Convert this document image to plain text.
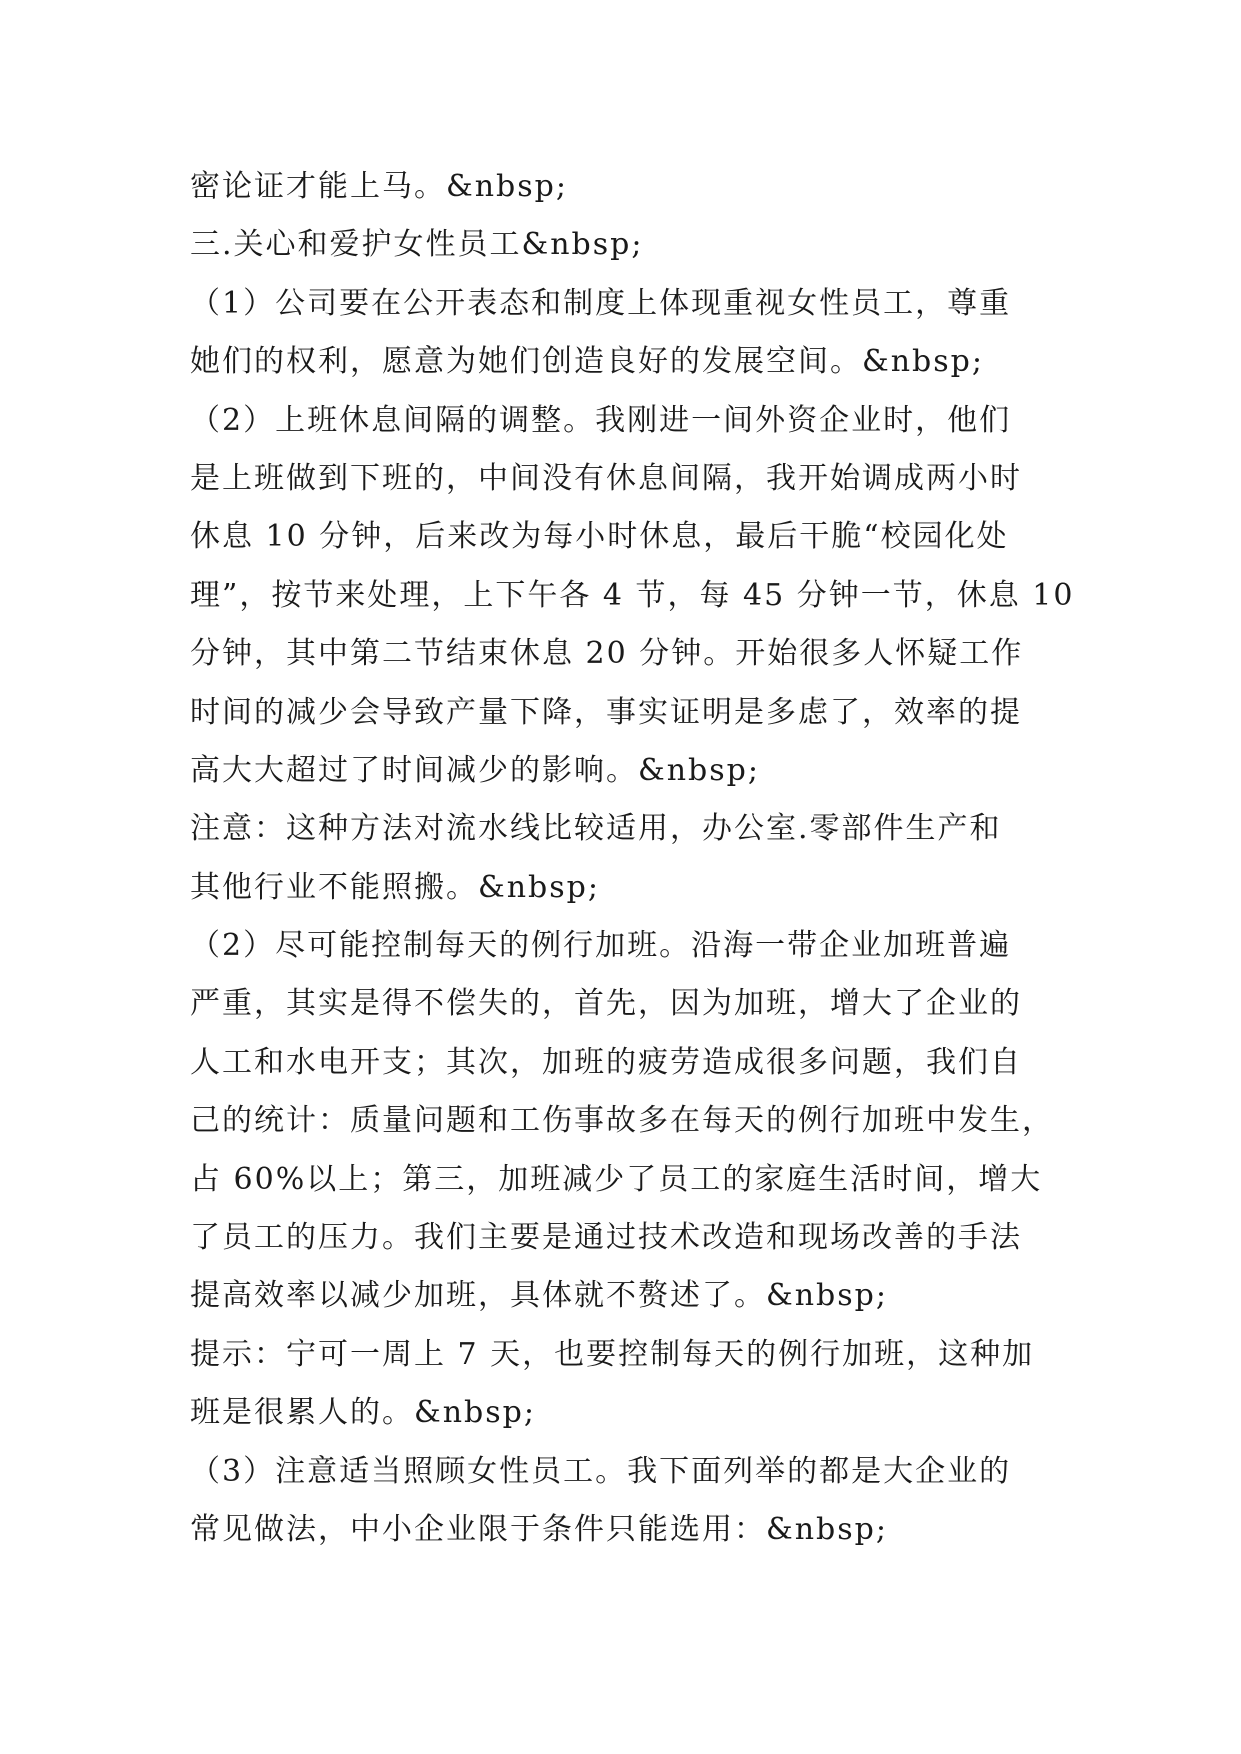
密论证才能上马。&nbsp;
三.关心和爱护女性员工&nbsp;
（1）公司要在公开表态和制度上体现重视女性员工，尊重
她们的权利，愿意为她们创造良好的发展空间。&nbsp;
（2）上班休息间隔的调整。我刚进一间外资企业时，他们
是上班做到下班的，中间没有休息间隔，我开始调成两小时
休息 10 分钟，后来改为每小时休息，最后干脆“校园化处
理”，按节来处理，上下午各 4 节，每 45 分钟一节，休息 10
分钟，其中第二节结束休息 20 分钟。开始很多人怀疑工作
时间的减少会导致产量下降，事实证明是多虑了，效率的提
高大大超过了时间减少的影响。&nbsp;
注意：这种方法对流水线比较适用，办公室.零部件生产和
其他行业不能照搬。&nbsp;
（2）尽可能控制每天的例行加班。沿海一带企业加班普遍
严重，其实是得不偿失的，首先，因为加班，增大了企业的
人工和水电开支；其次，加班的疲劳造成很多问题，我们自
己的统计：质量问题和工伤事故多在每天的例行加班中发生，
占 60%以上；第三，加班减少了员工的家庭生活时间，增大
了员工的压力。我们主要是通过技术改造和现场改善的手法
提高效率以减少加班，具体就不赘述了。&nbsp;
提示：宁可一周上 7 天，也要控制每天的例行加班，这种加
班是很累人的。&nbsp;
（3）注意适当照顾女性员工。我下面列举的都是大企业的
常见做法，中小企业限于条件只能选用：&nbsp;
